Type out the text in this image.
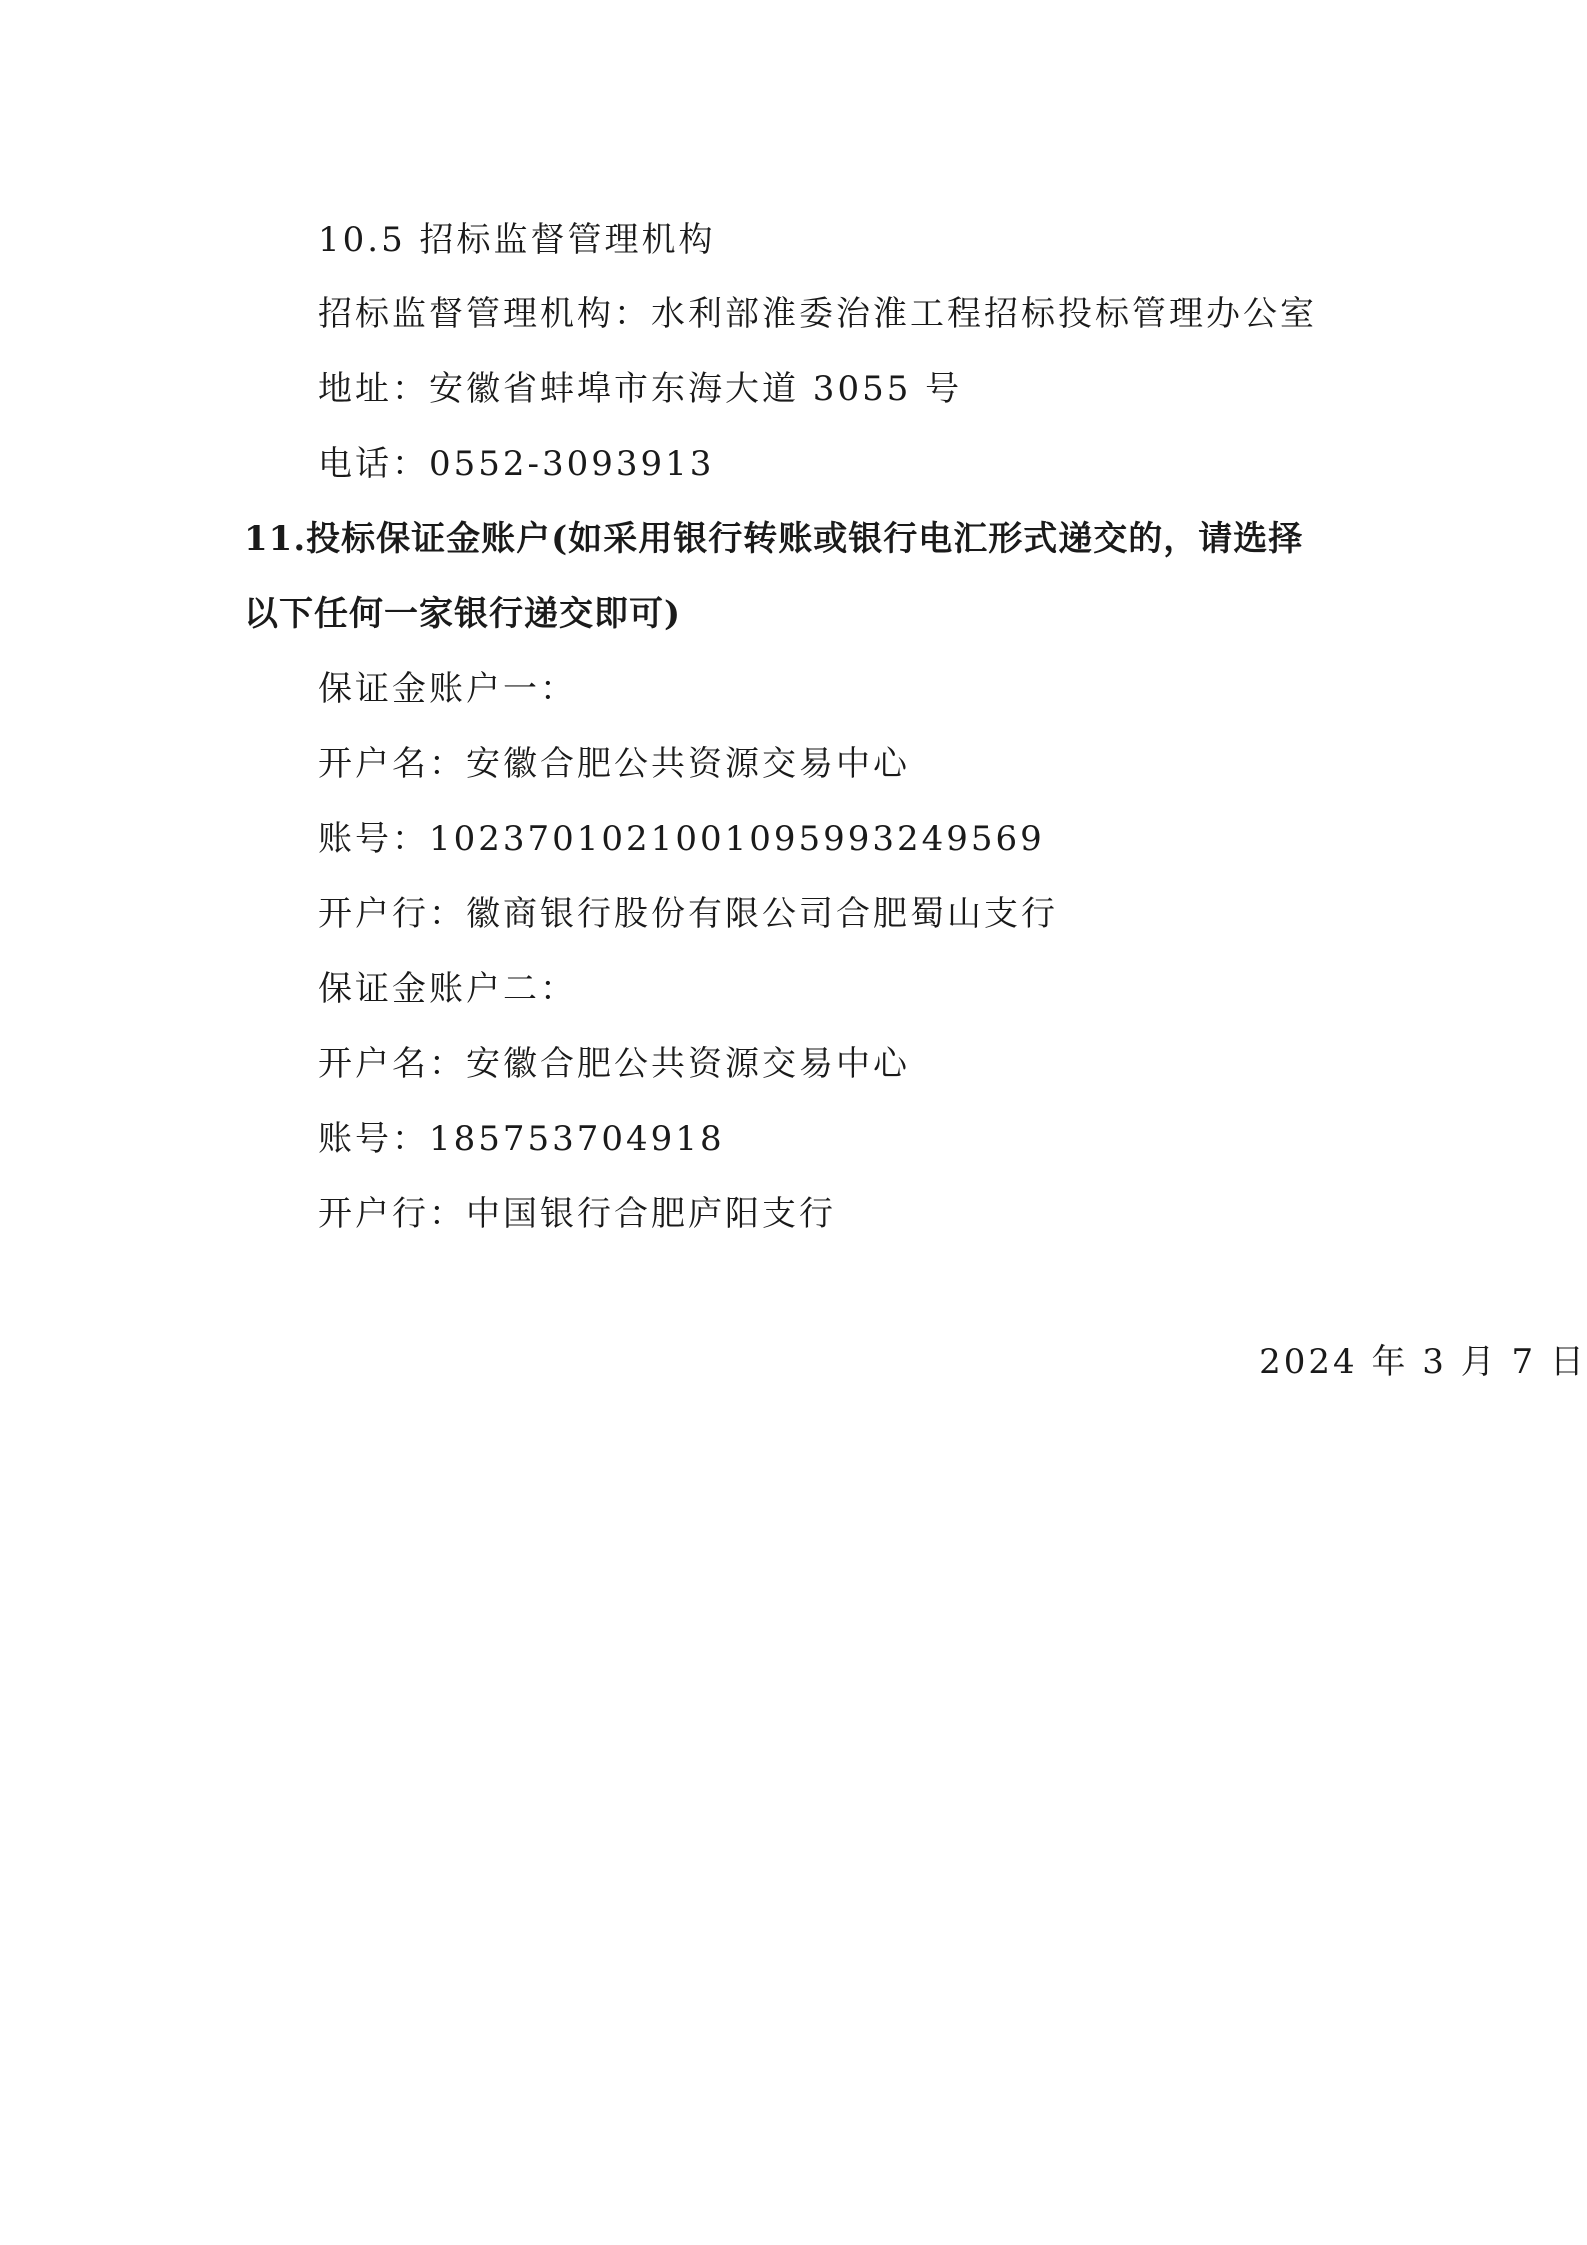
10.5 招标监督管理机构
招标监督管理机构：水利部淮委治淮工程招标投标管理办公室
地址：安徽省蚌埠市东海大道 3055 号
电话：0552-3093913
11.投标保证金账户(如采用银行转账或银行电汇形式递交的，请选择
以下任何一家银行递交即可)
保证金账户一：
开户名：安徽合肥公共资源交易中心
账号：102370102100109599324956​9
开户行：徽商银行股份有限公司合肥蜀山支行
保证金账户二：
开户名：安徽合肥公共资源交易中心
账号：185753704918
开户行：中国银行合肥庐阳支行
2024 年 3 月 7 日
